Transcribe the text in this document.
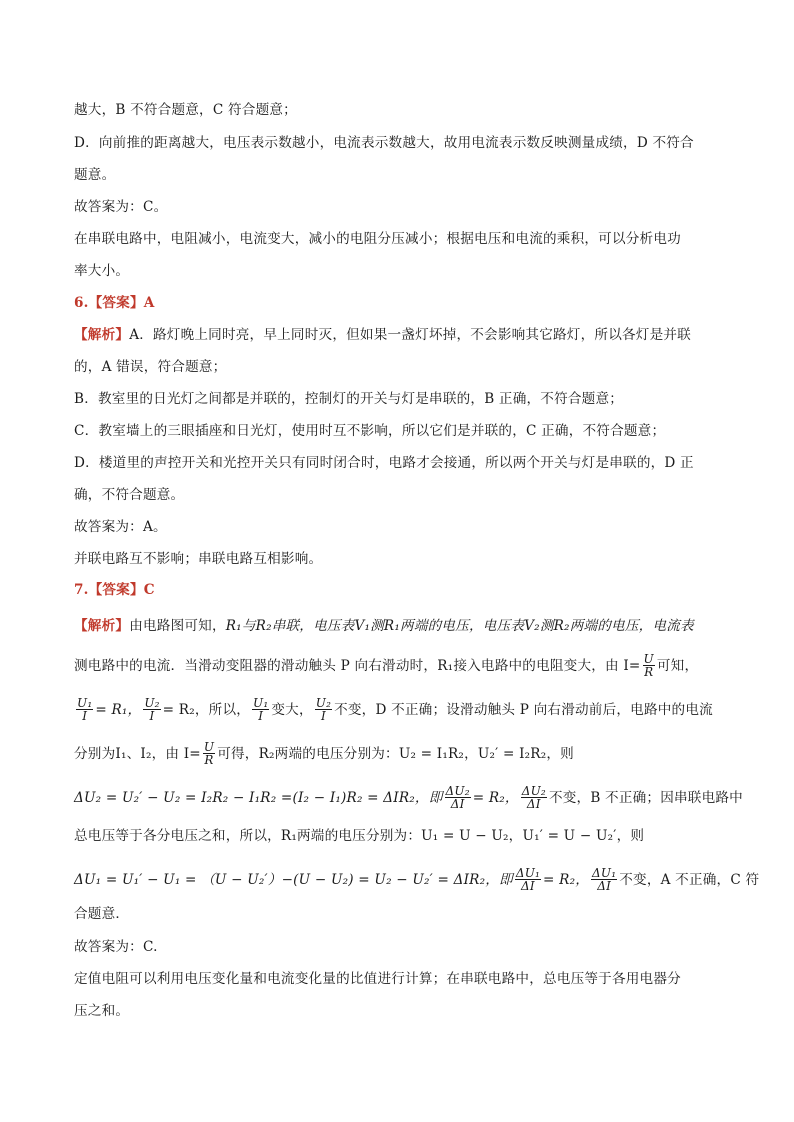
越大，B 不符合题意，C 符合题意；
D．向前推的距离越大，电压表示数越小，电流表示数越大，故用电流表示数反映测量成绩，D 不符合
题意。
故答案为：C。
在串联电路中，电阻减小，电流变大，减小的电阻分压减小；根据电压和电流的乘积，可以分析电功
率大小。
6.【答案】A
【解析】A．路灯晚上同时亮，早上同时灭，但如果一盏灯坏掉，不会影响其它路灯，所以各灯是并联
的，A 错误，符合题意；
B．教室里的日光灯之间都是并联的，控制灯的开关与灯是串联的，B 正确，不符合题意；
C．教室墙上的三眼插座和日光灯，使用时互不影响，所以它们是并联的，C 正确，不符合题意；
D．楼道里的声控开关和光控开关只有同时闭合时，电路才会接通，所以两个开关与灯是串联的，D 正
确，不符合题意。
故答案为：A。
并联电路互不影响；串联电路互相影响。
7.【答案】C
【解析】由电路图可知，R₁与R₂串联，电压表V₁测R₁两端的电压，电压表V₂测R₂两端的电压，电流表
测电路中的电流．当滑动变阻器的滑动触头 P 向右滑动时，R₁接入电路中的电阻变大，由 $I= \frac{U}{R}$ 可知，
$\frac{\text{U₁}}{I} = R_1$， $\frac{\text{U₂}}{I} = R_2$，所以， $\frac{\text{U₁}}{I}$ 变大， $\frac{\text{U₂}}{I}$ 不变，D 不正确；设滑动触头 P 向右滑动前后，电路中的电流
分别为I₁、I₂，由 $I= \frac{U}{R}$ 可得，R₂两端的电压分别为：U₂ = I₁R₂，U₂′ = I₂R₂，则
ΔU₂ = U₂′ − U₂ = I₂R₂ − I₁R₂ =(I₂ − I₁)R₂ = ΔIR₂，即 $\frac{\text{ΔU₂}}{\Delta I} = R_2$， $\frac{\text{ΔU₂}}{\Delta I}$ 不变，B 不正确；因串联电路中
总电压等于各分电压之和，所以，R₁两端的电压分别为：U₁ = U − U₂，U₁′ = U − U₂′，则
ΔU₁ = U₁′ − U₁ = （U − U₂′）−(U − U₂) = U₂ − U₂′ = ΔIR₂，即 $\frac{\text{ΔU₁}}{\Delta I} = R_2$， $\frac{\text{ΔU₁}}{\Delta I}$ 不变，A 不正确，C 符
合题意．
故答案为：C.
定值电阻可以利用电压变化量和电流变化量的比值进行计算；在串联电路中，总电压等于各用电器分
压之和。
